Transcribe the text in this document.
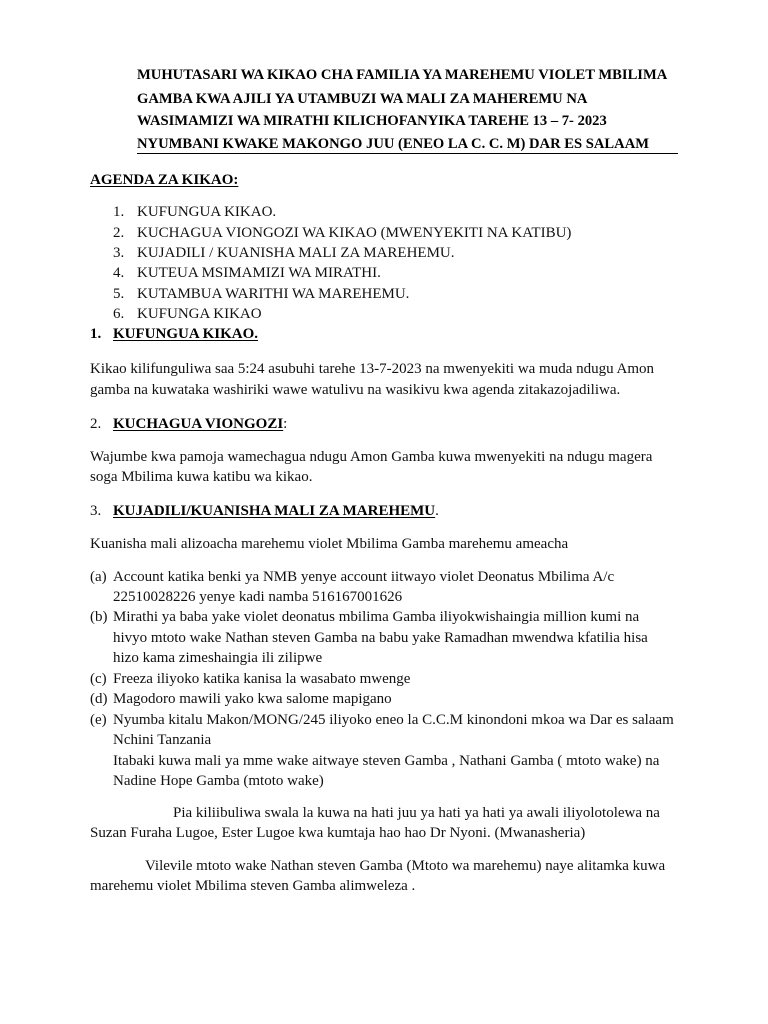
MUHUTASARI WA KIKAO CHA FAMILIA YA MAREHEMU VIOLET MBILIMA
GAMBA KWA AJILI YA UTAMBUZI WA MALI ZA MAHEREMU NA
WASIMAMIZI WA MIRATHI KILICHOFANYIKA TAREHE 13 – 7- 2023
NYUMBANI KWAKE MAKONGO JUU (ENEO LA C. C. M) DAR ES SALAAM
AGENDA ZA KIKAO:
1. KUFUNGUA KIKAO.
2. KUCHAGUA VIONGOZI WA KIKAO (MWENYEKITI NA KATIBU)
3. KUJADILI / KUANISHA MALI ZA MAREHEMU.
4. KUTEUA MSIMAMIZI WA MIRATHI.
5. KUTAMBUA WARITHI WA MAREHEMU.
6. KUFUNGA KIKAO
1. KUFUNGUA KIKAO.
Kikao kilifunguliwa saa 5:24 asubuhi tarehe 13-7-2023 na mwenyekiti wa muda ndugu Amon
gamba na kuwataka washiriki wawe watulivu na wasikivu kwa agenda zitakazojadiliwa.
2. KUCHAGUA VIONGOZI:
Wajumbe kwa pamoja wamechagua ndugu Amon Gamba kuwa mwenyekiti na ndugu magera
soga Mbilima kuwa katibu wa kikao.
3. KUJADILI/KUANISHA MALI ZA MAREHEMU.
Kuanisha mali alizoacha marehemu violet Mbilima Gamba marehemu ameacha
(a) Account katika benki ya NMB yenye account iitwayo violet Deonatus Mbilima A/c
22510028226 yenye kadi namba 516167001626
(b) Mirathi ya baba yake violet deonatus mbilima Gamba iliyokwishaingia million kumi na
hivyo mtoto wake Nathan steven Gamba na babu yake Ramadhan mwendwa kfatilia hisa
hizo kama zimeshaingia ili zilipwe
(c) Freeza iliyoko katika kanisa la wasabato mwenge
(d) Magodoro mawili yako kwa salome mapigano
(e) Nyumba kitalu Makon/MONG/245 iliyoko eneo la C.C.M kinondoni mkoa wa Dar es salaam
Nchini Tanzania
Itabaki kuwa mali ya mme wake aitwaye steven Gamba , Nathani Gamba ( mtoto wake) na
Nadine Hope Gamba (mtoto wake)
Pia kiliibuliwa swala la kuwa na hati juu ya hati ya hati ya awali iliyolotolewa na
Suzan Furaha Lugoe, Ester Lugoe kwa kumtaja hao hao Dr Nyoni. (Mwanasheria)
Vilevile mtoto wake Nathan steven Gamba (Mtoto wa marehemu) naye alitamka kuwa
marehemu violet Mbilima steven Gamba alimweleza .
